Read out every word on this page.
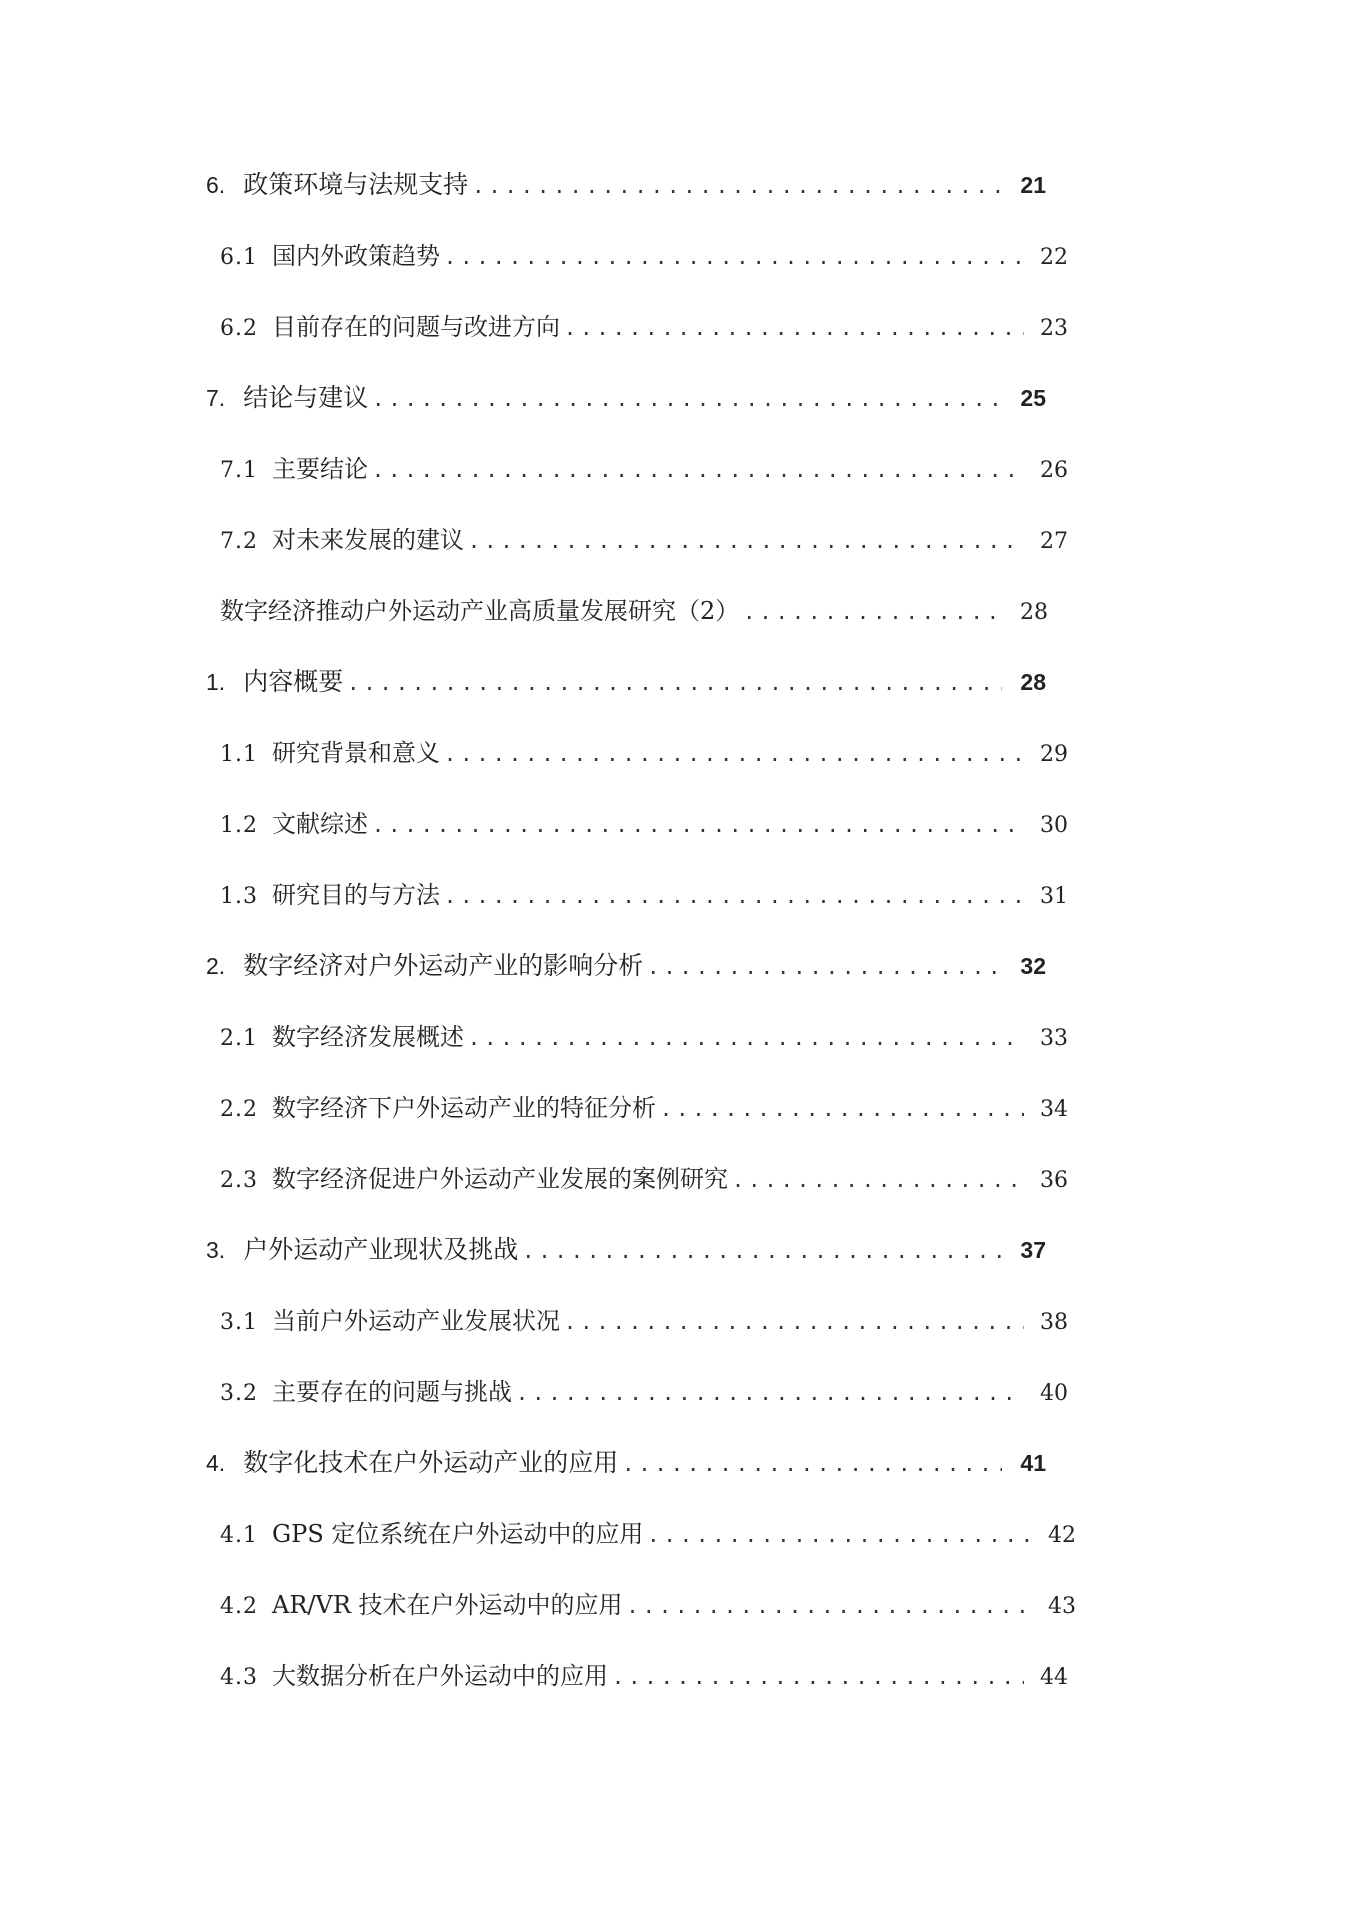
6. 政策环境与法规支持 .....	21
6.1 国内外政策趋势 .....	22
6.2 目前存在的问题与改进方向 .....	23
7. 结论与建议 .....	25
7.1 主要结论 .....	26
7.2 对未来发展的建议 .....	27
数字经济推动户外运动产业高质量发展研究（2） .....	28
1. 内容概要 .....	28
1.1 研究背景和意义 .....	29
1.2 文献综述 .....	30
1.3 研究目的与方法 .....	31
2. 数字经济对户外运动产业的影响分析 .....	32
2.1 数字经济发展概述 .....	33
2.2 数字经济下户外运动产业的特征分析 .....	34
2.3 数字经济促进户外运动产业发展的案例研究 .....	36
3. 户外运动产业现状及挑战 .....	37
3.1 当前户外运动产业发展状况 .....	38
3.2 主要存在的问题与挑战 .....	40
4. 数字化技术在户外运动产业的应用 .....	41
4.1 GPS 定位系统在户外运动中的应用 .....	42
4.2 AR/VR 技术在户外运动中的应用 .....	43
4.3 大数据分析在户外运动中的应用 .....	44
